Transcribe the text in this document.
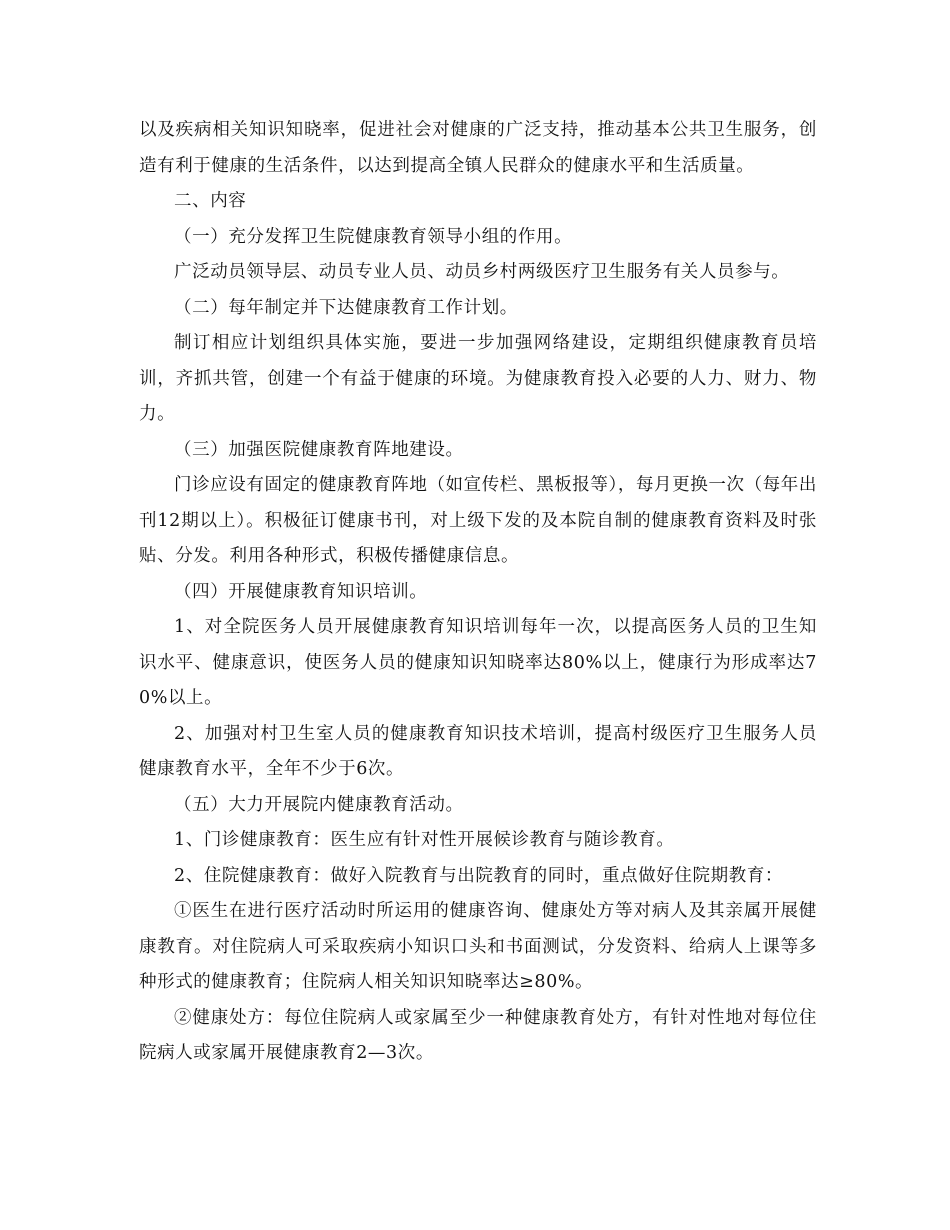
以及疾病相关知识知晓率，促进社会对健康的广泛支持，推动基本公共卫生服务，创造有利于健康的生活条件，以达到提高全镇人民群众的健康水平和生活质量。

二、内容

（一）充分发挥卫生院健康教育领导小组的作用。

广泛动员领导层、动员专业人员、动员乡村两级医疗卫生服务有关人员参与。

（二）每年制定并下达健康教育工作计划。

制订相应计划组织具体实施，要进一步加强网络建设，定期组织健康教育员培训，齐抓共管，创建一个有益于健康的环境。为健康教育投入必要的人力、财力、物力。

（三）加强医院健康教育阵地建设。

门诊应设有固定的健康教育阵地（如宣传栏、黑板报等），每月更换一次（每年出刊12期以上）。积极征订健康书刊，对上级下发的及本院自制的健康教育资料及时张贴、分发。利用各种形式，积极传播健康信息。

（四）开展健康教育知识培训。

1、对全院医务人员开展健康教育知识培训每年一次，以提高医务人员的卫生知识水平、健康意识，使医务人员的健康知识知晓率达80%以上，健康行为形成率达70%以上。

2、加强对村卫生室人员的健康教育知识技术培训，提高村级医疗卫生服务人员健康教育水平，全年不少于6次。

（五）大力开展院内健康教育活动。

1、门诊健康教育：医生应有针对性开展候诊教育与随诊教育。

2、住院健康教育：做好入院教育与出院教育的同时，重点做好住院期教育：

①医生在进行医疗活动时所运用的健康咨询、健康处方等对病人及其亲属开展健康教育。对住院病人可采取疾病小知识口头和书面测试，分发资料、给病人上课等多种形式的健康教育；住院病人相关知识知晓率达≥80%。

②健康处方：每位住院病人或家属至少一种健康教育处方，有针对性地对每位住院病人或家属开展健康教育2—3次。
